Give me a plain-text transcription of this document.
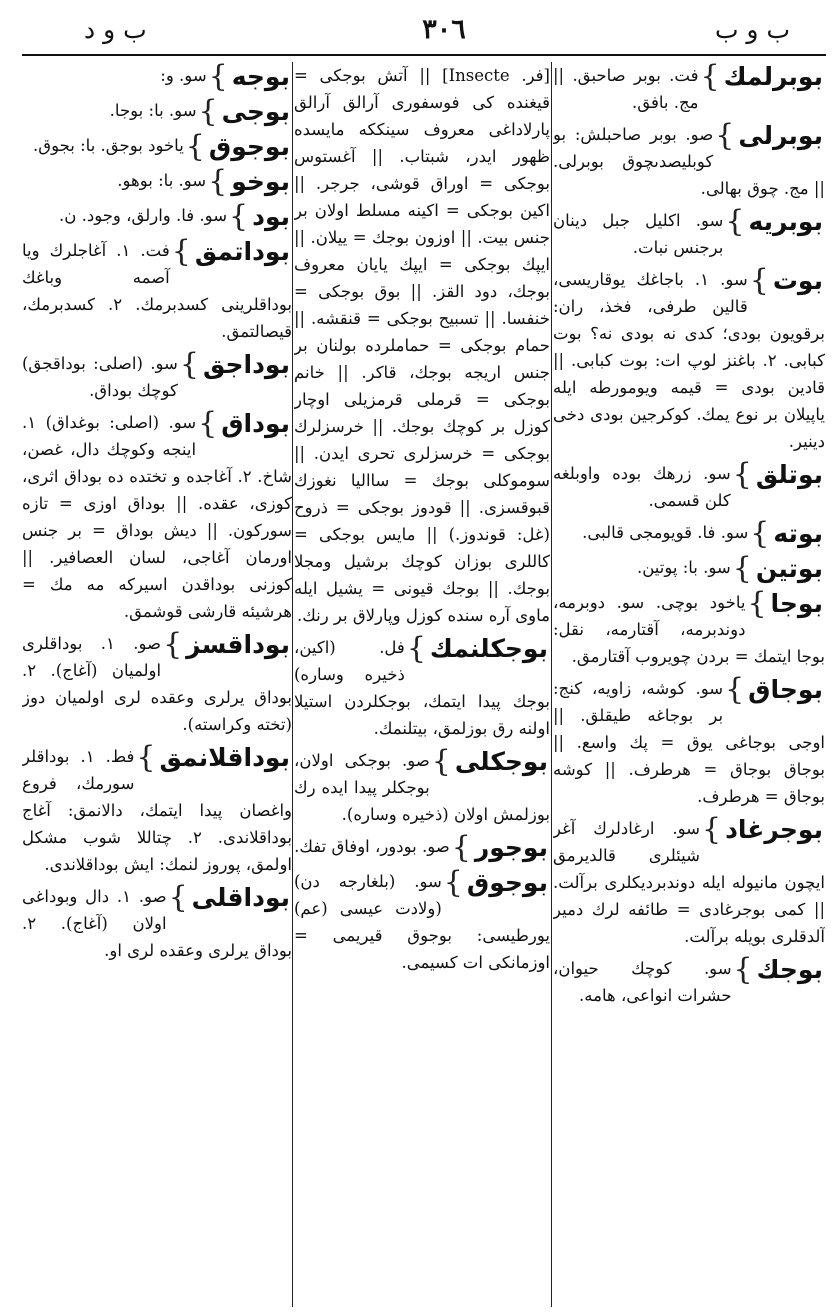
ب و د	٣٠٦	ب و ب
بوبرلمك
{
فت. بوبر صاحبق. || مج. بافق.
بوبرلى
{
صو. بوبر صاحبلش: بو كوبليصدىچوق بوبرلى. || مج. چوق بهالى.
بوبريه
{
سو. اكليل جبل دينان برجنس نبات.
بوت
{
سو. ١. باجاغك يوقاريسى، قالين طرفى، فخذ، ران: برقويون بودى؛ كدى نه بودى نه؟ بوت كبابى. ٢. باغنز لوپ ات: بوت كبابى. || قادين بودى = قيمه ويومورطه ايله ياپيلان بر نوع يمك. كوكرجين بودى دخى دينير.
بوتلق
{
سو. زرهك بوده واوبلغه كلن قسمى.
بوته
{
سو. فا. قويومجى قالبى.
بوتين
{
سو. با: پوتين.
بوجا
{
ياخود بوچى. سو. دوبرمه، دوندبرمه، آقتارمه، نقل: بوجا ايتمك = بردن چويروب آقتارمق.
بوجاق
{
سو. كوشه، زاويه، كنج: بر بوجاغه طيقلق. || اوجى بوجاغى يوق = پك واسع. || بوجاق بوجاق = هرطرف. || كوشه بوجاق = هرطرف.
بوجرغاد
{
سو. ارغادلرك آغر شيئلرى قالديرمق ايچون مانيوله ايله دوندبرديكلرى برآلت. || كمى بوجرغادى = طائفه لرك دمير آلدقلرى بويله برآلت.
بوجك
{
سو. كوچك حيوان، حشرات انواعى، هامه.
[فر. Insecte] || آتش بوجكى = قيغنده كى فوسفورى آرالق آرالق پارلاداغى معروف سينككه مايسده ظهور ايدر، شبتاب. || آغستوس بوجكى = اوراق قوشى، جرجر. || اكين بوجكى = اكينه مسلط اولان بر جنس بيت. || اوزون بوجك = ييلان. || ايپك بوجكى = ايپك يايان معروف بوجك، دود القز. || بوق بوجكى = خنفسا. || تسبيح بوجكى = قنقشه. || حمام بوجكى = حماملرده بولنان بر جنس اريجه بوجك، قاكر. || خانم بوجكى = قرملى قرمزيلى اوچار كوزل بر كوچك بوجك. || خرسزلرك بوجكى = خرسزلرى تحرى ايدن. || سوموكلى بوجك = سااليا نغوزك قبوقسزى. || قودوز بوجكى = ذروح (غل: قوندوز.) || مايس بوجكى = كاللرى بوزان كوچك برشيل ومجلا بوجك. || بوجك قيونى = يشيل ايله ماوى آره سنده كوزل وپارلاق بر رنك.
بوجكلنمك
{
فل. (اكين، ذخيره وساره) بوجك پيدا ايتمك، بوجكلردن استيلا اولنه رق بوزلمق، بيتلنمك.
بوجكلى
{
صو. بوجكى اولان، بوجكلر پيدا ايده رك بوزلمش اولان (ذخيره وساره).
بوجور
{
صو. بودور، اوفاق تفك.
بوجوق
{
سو. (بلغارجه دن) (ولادت عيسى (عم) يورطيسى: بوجوق قيريمى = اوزمانكى ات كسيمى.
بوجه
{
سو. و:
بوجى
{
سو. با: بوجا.
بوجوق
{
ياخود بوجق. با: بجوق.
بوخو
{
سو. با: بوهو.
بود
{
سو. فا. وارلق، وجود. ن.
بوداتمق
{
فت. ١. آغاجلرك ويا آصمه وباغك بوداقلرينى كسدبرمك. ٢. كسدبرمك، قيصالتمق.
بوداجق
{
سو. (اصلى: بوداقجق) كوچك بوداق.
بوداق
{
سو. (اصلى: بوغداق) ١. اينجه وكوچك دال، غصن، شاخ. ٢. آغاجده و تختده ده بوداق اثرى، كوزى، عقده. || بوداق اوزى = تازه سوركون. || ديش بوداق = بر جنس اورمان آغاجى، لسان العصافير. || كوزنى بوداقدن اسيركه مه مك = هرشيئه قارشى قوشمق.
بوداقسز
{
صو. ١. بوداقلرى اولميان (آغاج). ٢. بوداق يرلرى وعقده لرى اولميان دوز (تخته وكراسته).
بوداقلانمق
{
فط. ١. بوداقلر سورمك، فروع واغصان پيدا ايتمك، دالانمق: آغاج بوداقلاندى. ٢. چتاللا شوب مشكل اولمق، پوروز لنمك: ايش بوداقلاندى.
بوداقلى
{
صو. ١. دال وبوداغى اولان (آغاج). ٢. بوداق يرلرى وعقده لرى او.
